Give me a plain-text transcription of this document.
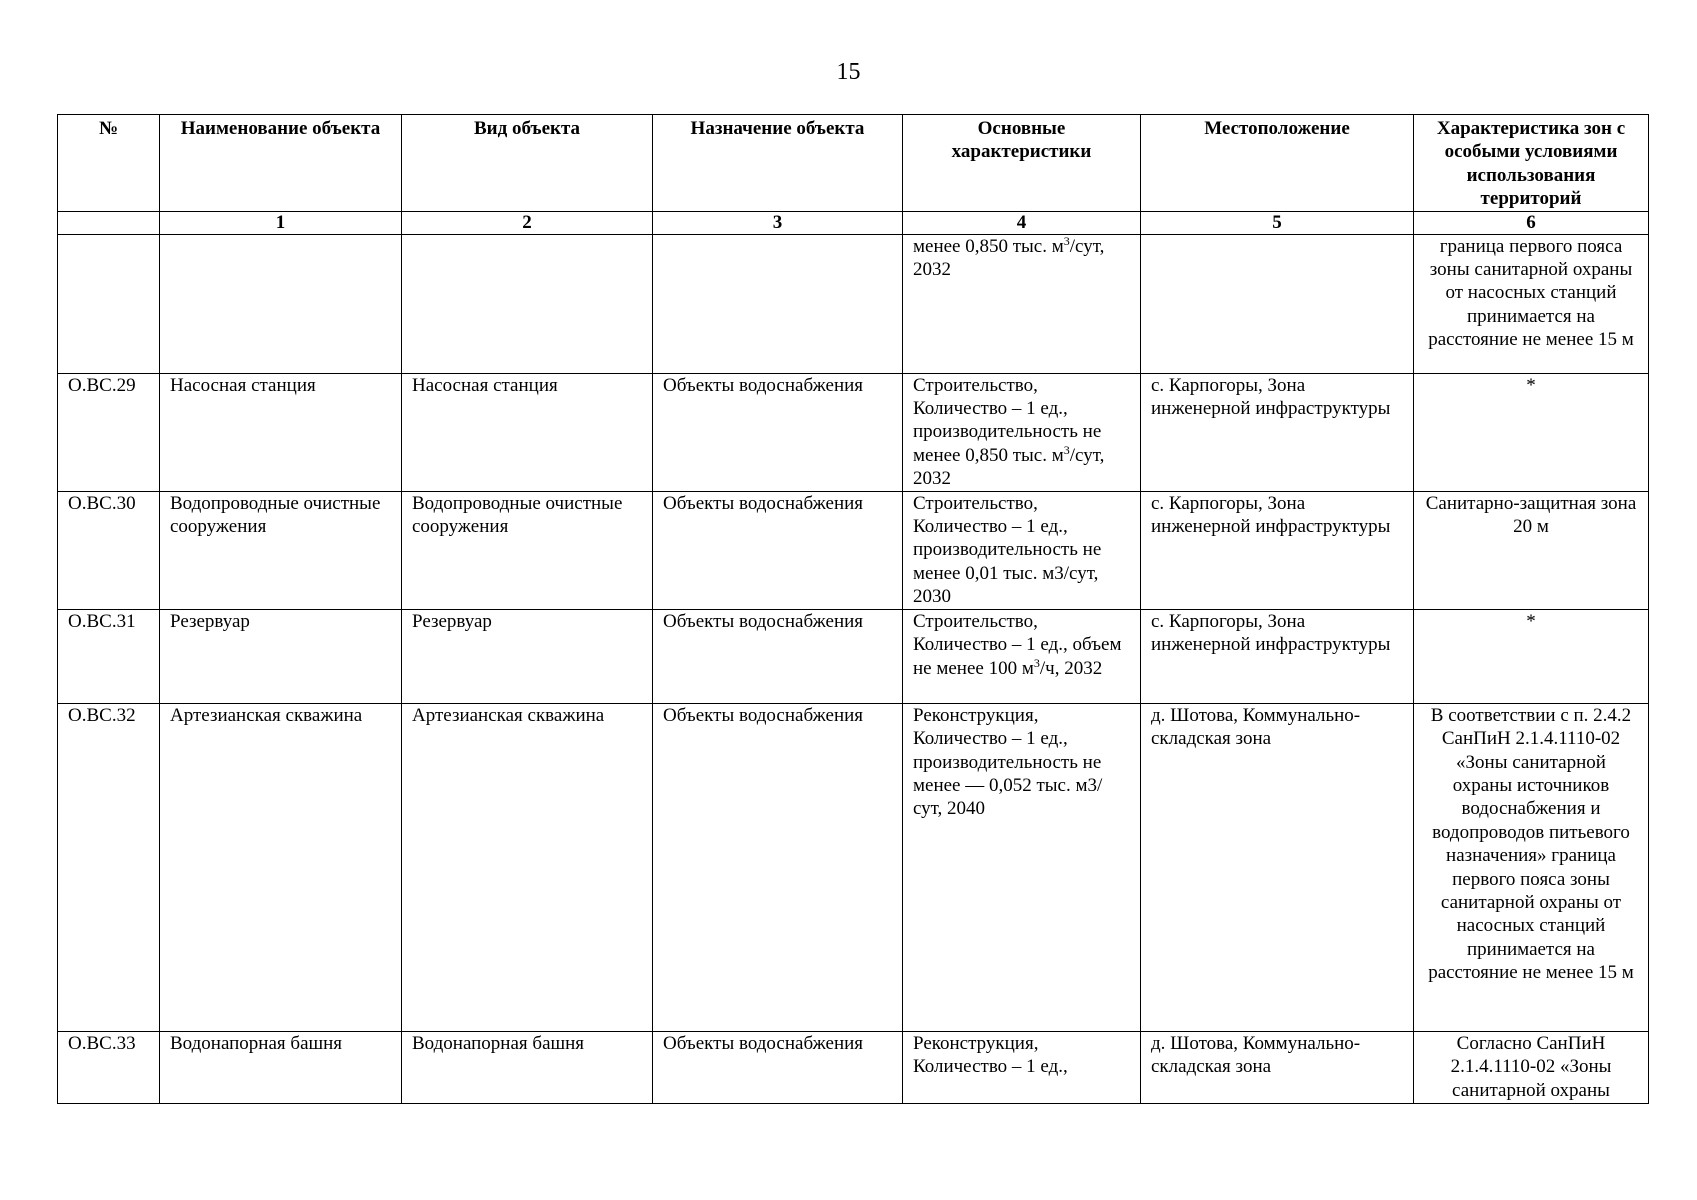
15
№	Наименование объекта	Вид объекта	Назначение объекта	Основные характеристики	Местоположение	Характеристика зон с особыми условиями использования территорий
	1	2	3	4	5	6
				менее 0,850 тыс. $м^3$/сут, 2032		граница первого пояса зоны санитарной охраны от насосных станций принимается на расстояние не менее 15 м
О.ВС.29	Насосная станция	Насосная станция	Объекты водоснабжения	Строительство, Количество – 1 ед., производительность не менее 0,850 тыс. $м^3$/сут, 2032	с. Карпогоры, Зона инженерной инфраструктуры	*
О.ВС.30	Водопроводные очистные сооружения	Водопроводные очистные сооружения	Объекты водоснабжения	Строительство, Количество – 1 ед., производительность не менее 0,01 тыс. м3/сут, 2030	с. Карпогоры, Зона инженерной инфраструктуры	Санитарно-защитная зона 20 м
О.ВС.31	Резервуар	Резервуар	Объекты водоснабжения	Строительство, Количество – 1 ед., объем не менее 100 $м^3/ч$, 2032	с. Карпогоры, Зона инженерной инфраструктуры	*
О.ВС.32	Артезианская скважина	Артезианская скважина	Объекты водоснабжения	Реконструкция, Количество – 1 ед., производительность не менее — 0,052 тыс. м3/сут, 2040	д. Шотова, Коммунально-складская зона	В соответствии с п. 2.4.2 СанПиН 2.1.4.1110-02 «Зоны санитарной охраны источников водоснабжения и водопроводов питьевого назначения» граница первого пояса зоны санитарной охраны от насосных станций принимается на расстояние не менее 15 м
О.ВС.33	Водонапорная башня	Водонапорная башня	Объекты водоснабжения	Реконструкция, Количество – 1 ед.,	д. Шотова, Коммунально-складская зона	Согласно СанПиН 2.1.4.1110-02 «Зоны санитарной охраны
